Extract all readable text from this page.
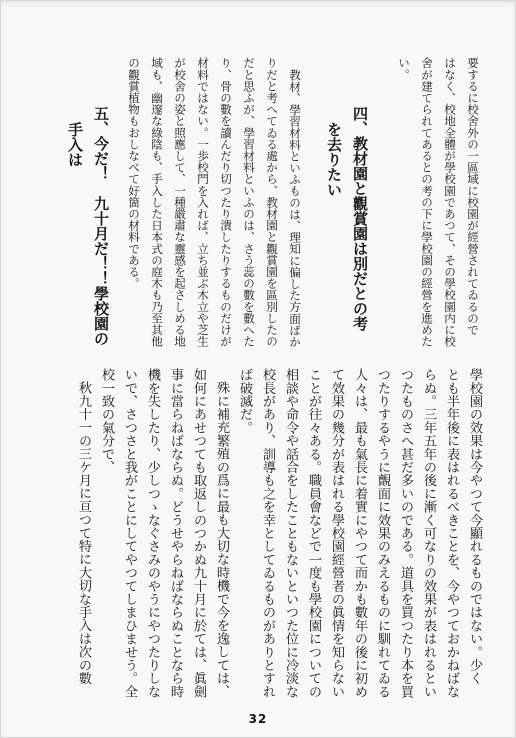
要するに校舍外の一區域に校園が經營されてゐるので
はなく、校地全體が學校園であつて、その學校園内に校
舍が建てられてあるとの考の下に學校園の經營を進めた
い。
四、教材園と觀賞園は別だとの考
を去りたい
教材、學習材料といふものは、理知に偏した方面ばか
りだと考へてゐる處から、教材園と觀賞園を區別したの
だと思ふが、學習材料といふのは、さう蕊の數を數へた
り、骨の數を讀んだり切つたり潰したりするものだけが
材料ではない。一歩校門を入れば、立ち並ぶ木立や芝生
が校舍の姿と照應して、一種嚴肅な靈感を起さしめる地
域も、幽邃な綠陰も、手入した日本式の庭木も乃至其他
の觀賞植物もおしなべて好箇の材料である。
五、今だ！　九十月だ！！學校園の
手入は
學校園の效果は今やつて今顯れるものではない。少く
とも半年後に表はれるべきことを、今やつておかねばな
らぬ。三年五年の後に漸く可なりの效果が表はれるとい
つたものさへ甚だ多いのである。道具を買つたり本を買
つたりするやうに覿面に效果のみえるものに馴れてゐる
人々は、最も氣長に着實にやつて而かも數年の後に初め
て效果の幾分が表はれる學校園經營者の眞情を知らない
ことが往々ある。職員會などで一度も學校園についての
相談や命令や話合をしたこともないといつた位に冷淡な
校長があり、訓導も之を幸としてゐるものがありとすれ
ば破滅だ。
殊に補充繁殖の爲に最も大切な時機で今を逸しては、
如何にあせつても取返しのつかぬ九十月に於ては、眞劍
事に當らねばならぬ。どうせやらねばならぬことなら時
機を失したり、少しつゝなぐさみのやうにやつたりしな
いで、さつさと我がことにしてやつてしまひませう。全
校一致の氣分で、
秋九十一の三ケ月に亘つて特に大切な手入は次の數
32
